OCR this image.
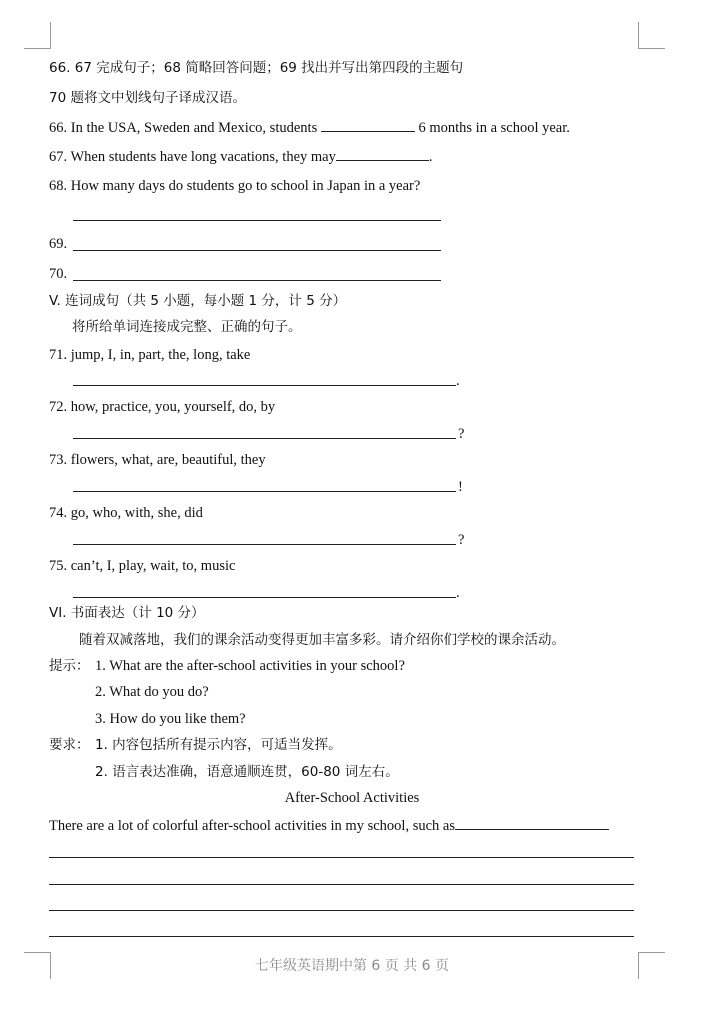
66. 67 完成句子；68 简略回答问题；69 找出并写出第四段的主题句
70 题将文中划线句子译成汉语。
66. In the USA, Sweden and Mexico, students	6 months in a school year.
67. When students have long vacations, they may	.
68. How many days do students go to school in Japan in a year?
69.
70.
V. 连词成句（共 5 小题，每小题 1 分，计 5 分）
将所给单词连接成完整、正确的句子。
71. jump, I, in, part, the, long, take
.
72. how, practice, you, yourself, do, by
?
73. flowers, what, are, beautiful, they
!
74. go, who, with, she, did
?
75. can’t, I, play, wait, to, music
.
VI. 书面表达（计 10 分）
随着双减落地，我们的课余活动变得更加丰富多彩。请介绍你们学校的课余活动。
提示： 1. What are the after-school activities in your school?
2. What do you do?
3. How do you like them?
要求： 1. 内容包括所有提示内容，可适当发挥。
2. 语言表达准确，语意通顺连贯，60-80 词左右。
After-School Activities
There are a lot of colorful after-school activities in my school, such as
七年级英语期中第 6 页 共 6 页
